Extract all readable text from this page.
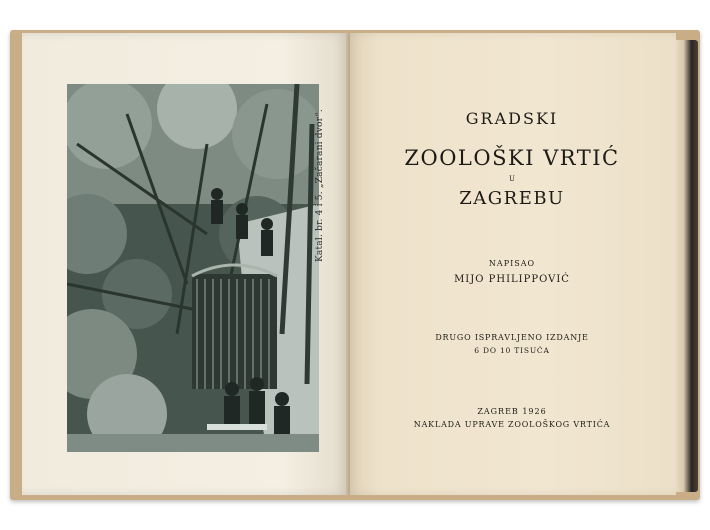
Katal. br. 4 i 5. „Začarani dvor“.	GRADSKI
ZOOLOŠKI VRTIĆ
U
ZAGREBU
NAPISAO
MIJO PHILIPPOVIĆ
DRUGO ISPRAVLJENO IZDANJE
6 DO 10 TISUĆA
ZAGREB 1926
NAKLADA UPRAVE ZOOLOŠKOG VRTIĆA
